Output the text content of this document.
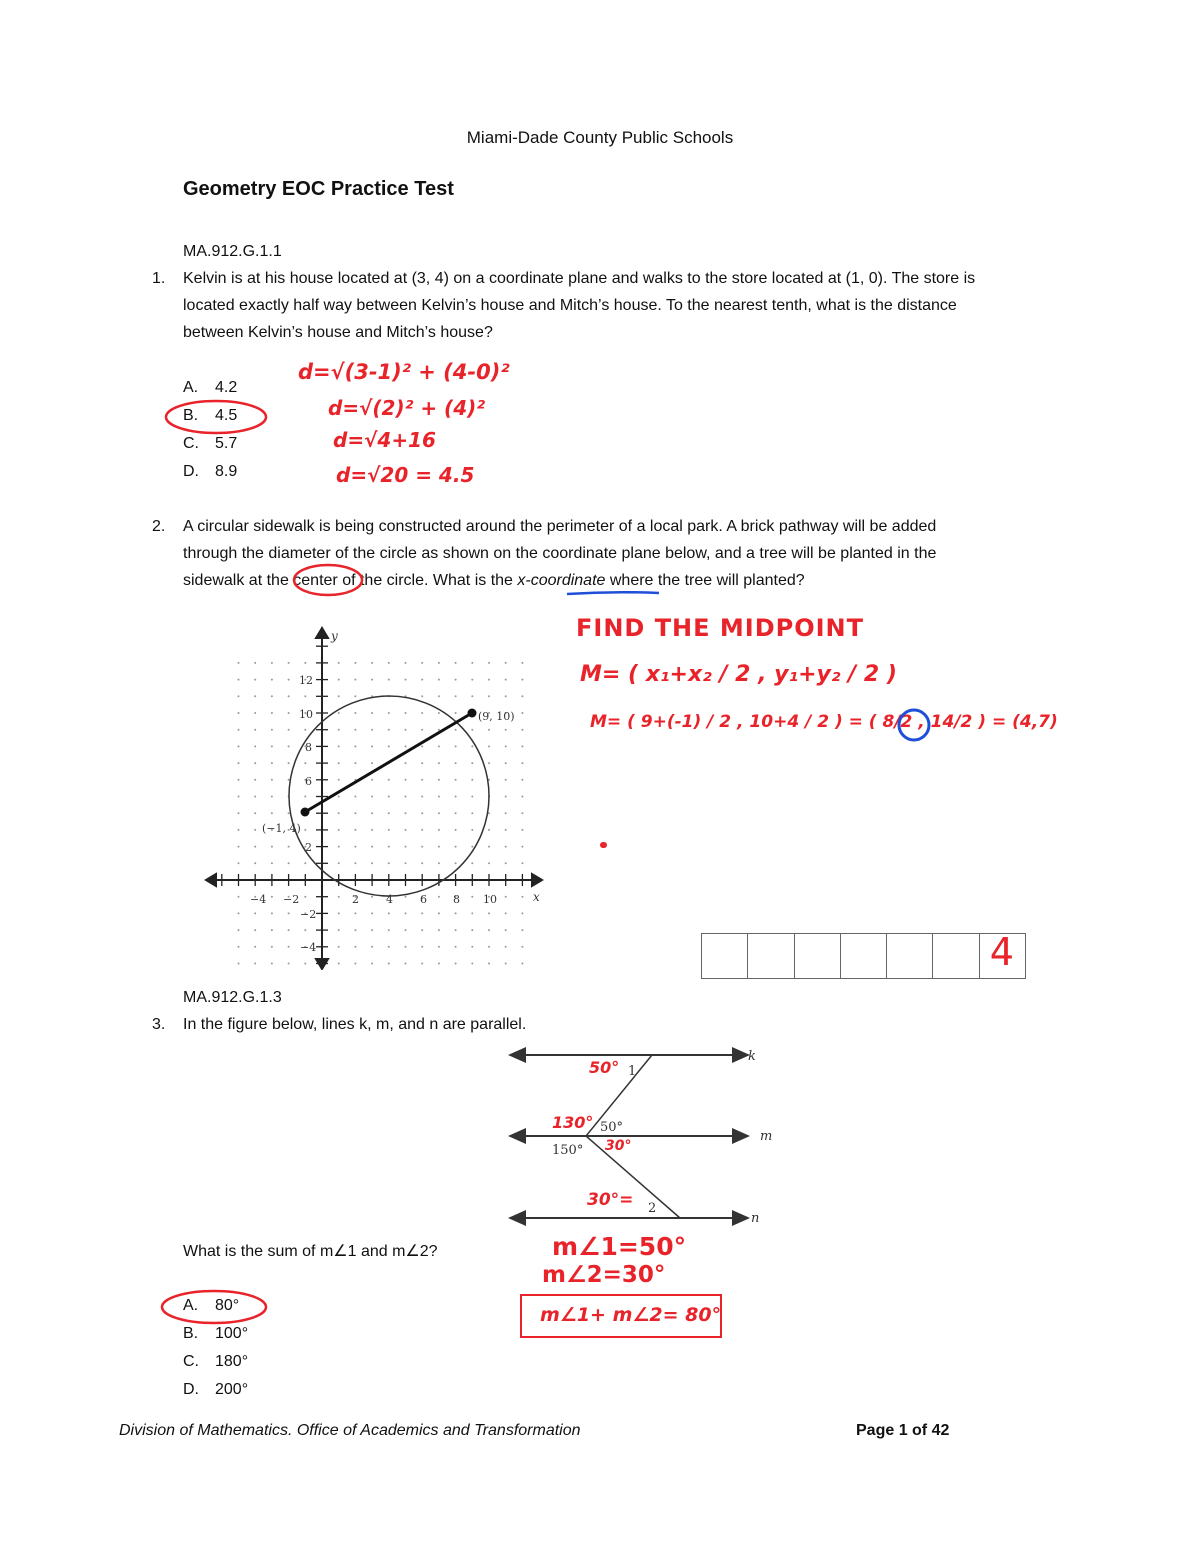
Miami-Dade County Public Schools
Geometry EOC Practice Test
MA.912.G.1.1
1. Kelvin is at his house located at (3, 4) on a coordinate plane and walks to the store located at (1, 0). The store is
located exactly half way between Kelvin’s house and Mitch’s house. To the nearest tenth, what is the distance
between Kelvin’s house and Mitch’s house?
A. 4.2
B. 4.5
C. 5.7
D. 8.9
d=√(3-1)² + (4-0)²
d=√(2)² + (4)²
d=√4+16
d=√20 = 4.5
2. A circular sidewalk is being constructed around the perimeter of a local park. A brick pathway will be added
through the diameter of the circle as shown on the coordinate plane below, and a tree will be planted in the
sidewalk at the center of the circle. What is the x-coordinate where the tree will planted?
(9, 10)
(−1, 4)
y
x
−4 −2	2 4 6 8 10
12
10
8
6
2
−2
−4
FIND THE MIDPOINT
M= ( x₁+x₂ / 2 , y₁+y₂ / 2 )
M= ( 9+(-1) / 2 , 10+4 / 2 ) = ( 8/2 , 14/2 ) = (4,7)
4
MA.912.G.1.3
3. In the figure below, lines k, m, and n are parallel.
k
m
n
1
2
50°
150°
50°
130°
30°
30°=
What is the sum of m∠1 and m∠2?	m∠1=50°
m∠2=30°
m∠1+ m∠2= 80°
A. 80°
B. 100°
C. 180°
D. 200°
Division of Mathematics. Office of Academics and Transformation	Page 1 of 42
